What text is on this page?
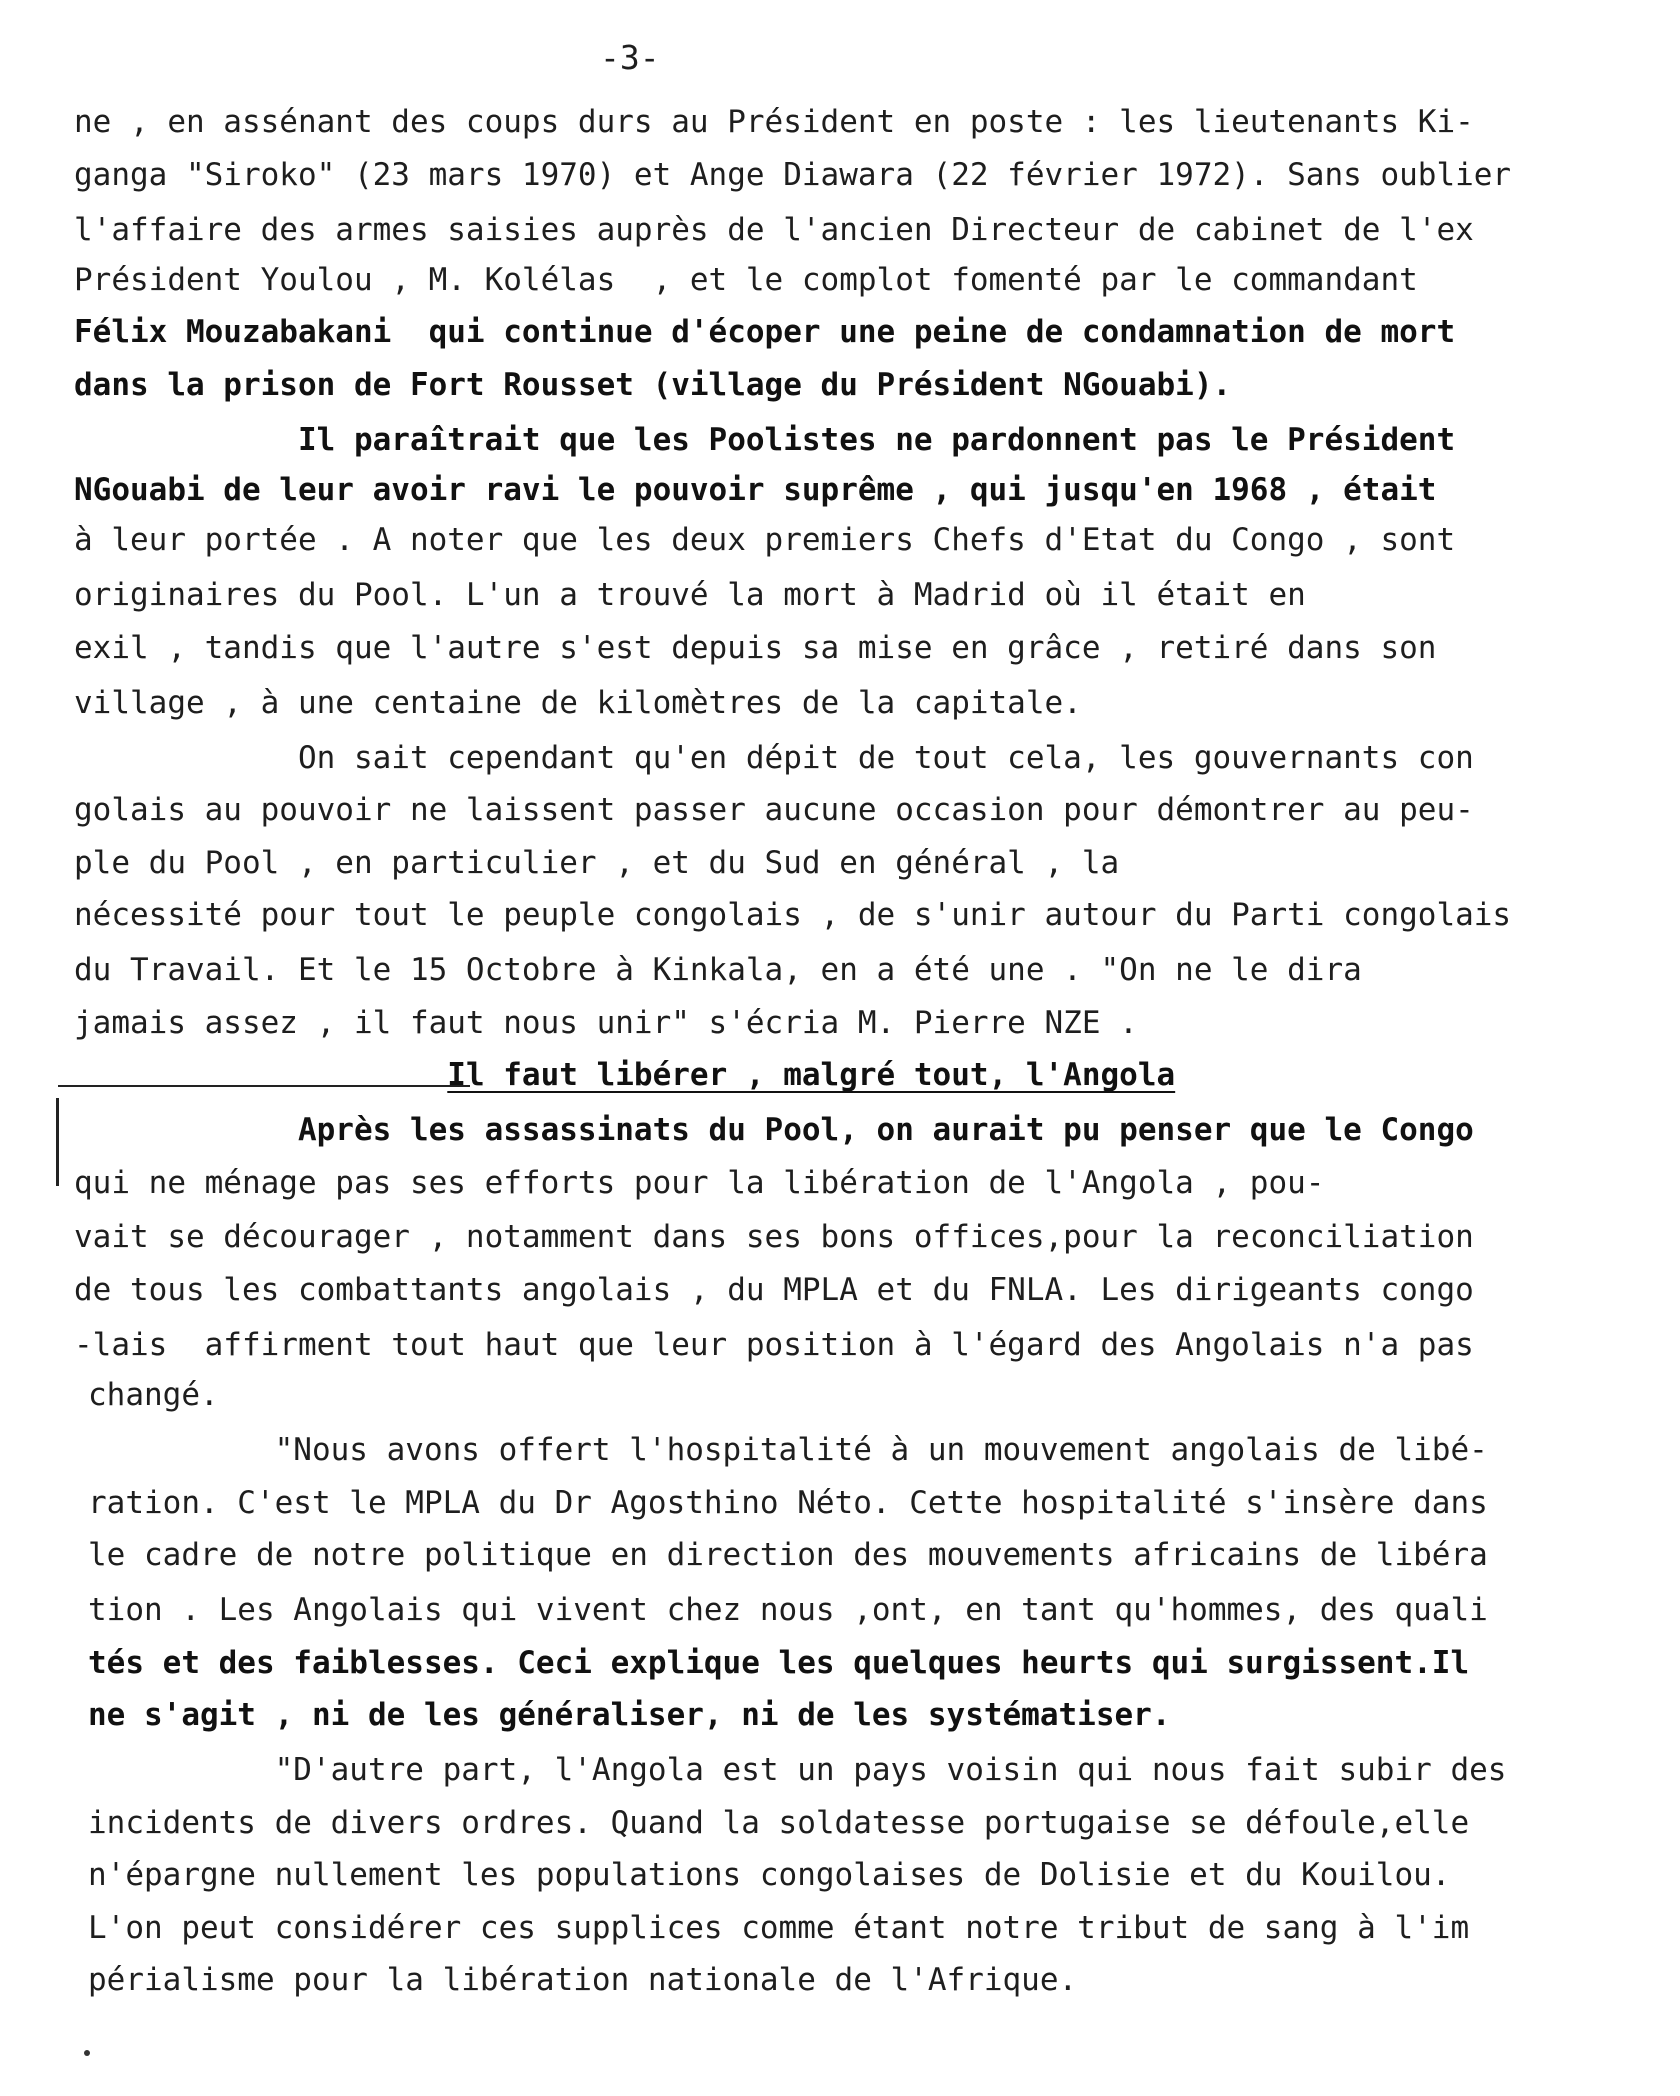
-3-
ne , en assénant des coups durs au Président en poste : les lieutenants Ki-
ganga "Siroko" (23 mars 1970) et Ange Diawara (22 février 1972). Sans oublier
l'affaire des armes saisies auprès de l'ancien Directeur de cabinet de l'ex
Président Youlou , M. Kolélas  , et le complot fomenté par le commandant
Félix Mouzabakani  qui continue d'écoper une peine de condamnation de mort
dans la prison de Fort Rousset (village du Président NGouabi).
Il paraîtrait que les Poolistes ne pardonnent pas le Président
NGouabi de leur avoir ravi le pouvoir suprême , qui jusqu'en 1968 , était
à leur portée . A noter que les deux premiers Chefs d'Etat du Congo , sont
originaires du Pool. L'un a trouvé la mort à Madrid où il était en
exil , tandis que l'autre s'est depuis sa mise en grâce , retiré dans son
village , à une centaine de kilomètres de la capitale.
On sait cependant qu'en dépit de tout cela, les gouvernants con
golais au pouvoir ne laissent passer aucune occasion pour démontrer au peu-
ple du Pool , en particulier , et du Sud en général , la
nécessité pour tout le peuple congolais , de s'unir autour du Parti congolais
du Travail. Et le 15 Octobre à Kinkala, en a été une . "On ne le dira
jamais assez , il faut nous unir" s'écria M. Pierre NZE .
Il faut libérer , malgré tout, l'Angola
Après les assassinats du Pool, on aurait pu penser que le Congo
qui ne ménage pas ses efforts pour la libération de l'Angola , pou-
vait se décourager , notamment dans ses bons offices,pour la reconciliation
de tous les combattants angolais , du MPLA et du FNLA. Les dirigeants congo
-lais  affirment tout haut que leur position à l'égard des Angolais n'a pas
changé.
"Nous avons offert l'hospitalité à un mouvement angolais de libé-
ration. C'est le MPLA du Dr Agosthino Néto. Cette hospitalité s'insère dans
le cadre de notre politique en direction des mouvements africains de libéra
tion . Les Angolais qui vivent chez nous ,ont, en tant qu'hommes, des quali
tés et des faiblesses. Ceci explique les quelques heurts qui surgissent.Il
ne s'agit , ni de les généraliser, ni de les systématiser.
"D'autre part, l'Angola est un pays voisin qui nous fait subir des
incidents de divers ordres. Quand la soldatesse portugaise se défoule,elle
n'épargne nullement les populations congolaises de Dolisie et du Kouilou.
L'on peut considérer ces supplices comme étant notre tribut de sang à l'im
périalisme pour la libération nationale de l'Afrique.
